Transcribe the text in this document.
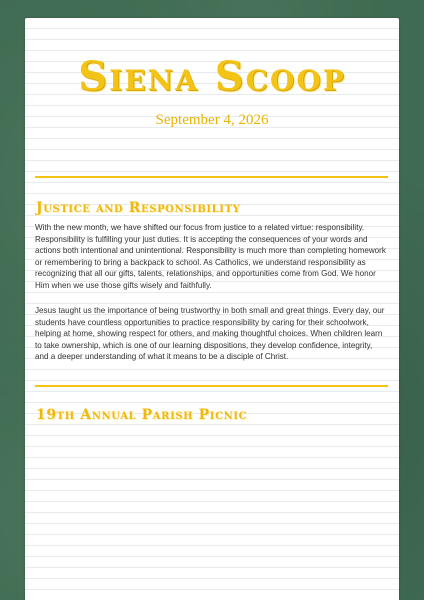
Siena Scoop
September 4, 2026
Justice and Responsibility

With the new month, we have shifted our focus from justice to a related virtue: responsibility. Responsibility is fulfilling your just duties. It is accepting the consequences of your words and actions both intentional and unintentional. Responsibility is much more than completing homework or remembering to bring a backpack to school. As Catholics, we understand responsibility as recognizing that all our gifts, talents, relationships, and opportunities come from God. We honor Him when we use those gifts wisely and faithfully.

Jesus taught us the importance of being trustworthy in both small and great things. Every day, our students have countless opportunities to practice responsibility by caring for their schoolwork, helping at home, showing respect for others, and making thoughtful choices. When children learn to take ownership, which is one of our learning dispositions, they develop confidence, integrity, and a deeper understanding of what it means to be a disciple of Christ.

19th Annual Parish Picnic
